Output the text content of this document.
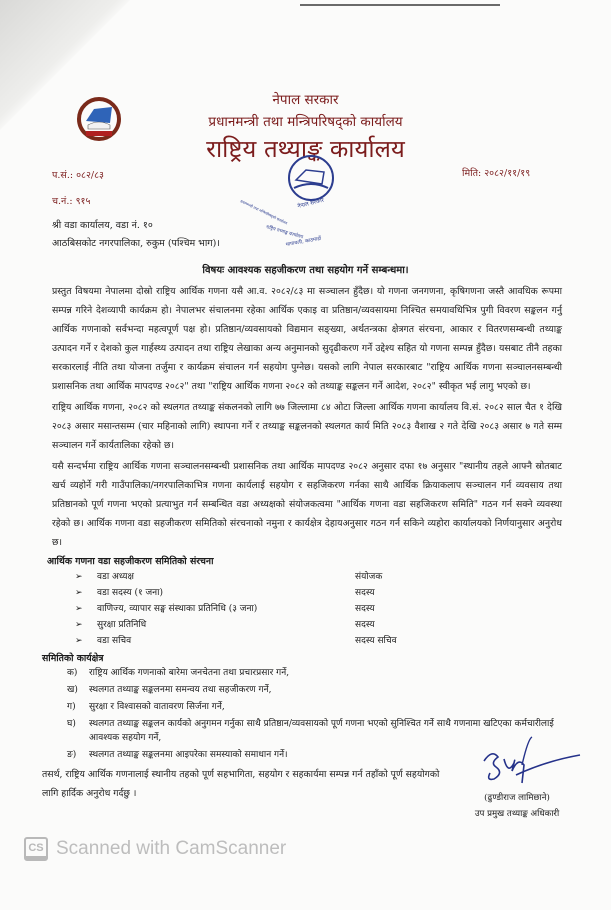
नेपाल सरकार
प्रधानमन्त्री तथा मन्त्रिपरिषद्को कार्यालय
राष्ट्रिय तथ्याङ्क कार्यालय
प.सं.: ०८२/८३
च.नं.: ९१५
मिति: २०८२/११/१९
नेपाल सरकार
प्रधानमन्त्री तथा मन्त्रिपरिषद्को कार्यालय
राष्ट्रिय तथ्याङ्क कार्यालय
थापाथली, काठमाडौं
श्री वडा कार्यालय, वडा नं. १०
आठबिसकोट नगरपालिका, रुकुम (पश्चिम भाग)।
विषयः आवश्यक सहजीकरण तथा सहयोग गर्ने सम्बन्धमा।
प्रस्तुत विषयमा नेपालमा दोस्रो राष्ट्रिय आर्थिक गणना यसै आ.व. २०८२/८३ मा सञ्चालन हुँदैछ। यो गणना जनगणना, कृषिगणना जस्तै आवधिक रूपमा सम्पन्न गरिने देशव्यापी कार्यक्रम हो। नेपालभर संचालनमा रहेका आर्थिक एकाइ वा प्रतिष्ठान/व्यवसायमा निश्चित समयावधिभित्र पुगी विवरण सङ्कलन गर्नु आर्थिक गणनाको सर्वभन्दा महत्वपूर्ण पक्ष हो। प्रतिष्ठान/व्यवसायको विद्यमान सङ्ख्या, अर्थतन्त्रका क्षेत्रगत संरचना, आकार र वितरणसम्बन्धी तथ्याङ्क उत्पादन गर्ने र देशको कुल गार्हस्थ्य उत्पादन तथा राष्ट्रिय लेखाका अन्य अनुमानको सुदृढीकरण गर्ने उद्देश्य सहित यो गणना सम्पन्न हुँदैछ। यसबाट तीनै तहका सरकारलाई नीति तथा योजना तर्जुमा र कार्यक्रम संचालन गर्न सहयोग पुग्नेछ। यसको लागि नेपाल सरकारबाट "राष्ट्रिय आर्थिक गणना सञ्चालनसम्बन्धी प्रशासनिक तथा आर्थिक मापदण्ड २०८२" तथा "राष्ट्रिय आर्थिक गणना २०८२ को तथ्याङ्क सङ्कलन गर्ने आदेश, २०८२" स्वीकृत भई लागु भएको छ।
राष्ट्रिय आर्थिक गणना, २०८२ को स्थलगत तथ्याङ्क संकलनको लागि ७७ जिल्लामा ८४ ओटा जिल्ला आर्थिक गणना कार्यालय वि.सं. २०८२ साल चैत १ देखि २०८३ असार मसान्तसम्म (चार महिनाको लागि) स्थापना गर्ने र तथ्याङ्क सङ्कलनको स्थलगत कार्य मिति २०८३ वैशाख २ गते देखि २०८३ असार ७ गते सम्म सञ्चालन गर्ने कार्यतालिका रहेको छ।
यसै सन्दर्भमा राष्ट्रिय आर्थिक गणना सञ्चालनसम्बन्धी प्रशासनिक तथा आर्थिक मापदण्ड २०८२ अनुसार दफा १७ अनुसार "स्थानीय तहले आफ्नै स्रोतबाट खर्च व्यहोर्ने गरी गाउँपालिका/नगरपालिकाभित्र गणना कार्यलाई सहयोग र सहजिकरण गर्नका साथै आर्थिक क्रियाकलाप सञ्चालन गर्न व्यवसाय तथा प्रतिष्ठानको पूर्ण गणना भएको प्रत्याभुत गर्न सम्बन्धित वडा अध्यक्षको संयोजकत्वमा "आर्थिक गणना वडा सहजिकरण समिति" गठन गर्न सक्ने व्यवस्था रहेको छ। आर्थिक गणना वडा सहजीकरण समितिको संरचनाको नमुना र कार्यक्षेत्र देहायअनुसार गठन गर्न सकिने व्यहोरा कार्यालयको निर्णयानुसार अनुरोध छ।
आर्थिक गणना वडा सहजीकरण समितिको संरचना
➢	वडा अध्यक्ष	संयोजक
➢	वडा सदस्य (१ जना)	सदस्य
➢	वाणिज्य, व्यापार सङ्घ संस्थाका प्रतिनिधि (३ जना)	सदस्य
➢	सुरक्षा प्रतिनिधि	सदस्य
➢	वडा सचिव	सदस्य सचिव
समितिको कार्यक्षेत्र
क)	राष्ट्रिय आर्थिक गणनाको बारेमा जनचेतना तथा प्रचारप्रसार गर्ने,
ख)	स्थलगत तथ्याङ्क सङ्कलनमा समन्वय तथा सहजीकरण गर्ने,
ग)	सुरक्षा र विश्वासको वातावरण सिर्जना गर्ने,
घ)	स्थलगत तथ्याङ्क सङ्कलन कार्यको अनुगमन गर्नुका साथै प्रतिष्ठान/व्यवसायको पूर्ण गणना भएको सुनिश्चित गर्ने साथै गणनामा खटिएका कर्मचारीलाई आवश्यक सहयोग गर्ने,
ङ)	स्थलगत तथ्याङ्क सङ्कलनमा आइपरेका समस्याको समाधान गर्ने।
तसर्थ, राष्ट्रिय आर्थिक गणनालाई स्थानीय तहको पूर्ण सहभागिता, सहयोग र सहकार्यमा सम्पन्न गर्न तहाँको पूर्ण सहयोगको लागि हार्दिक अनुरोध गर्दछु ।	(ढुण्डीराज लामिछाने)
उप प्रमुख तथ्याङ्क अधिकारी
CS Scanned with CamScanner
